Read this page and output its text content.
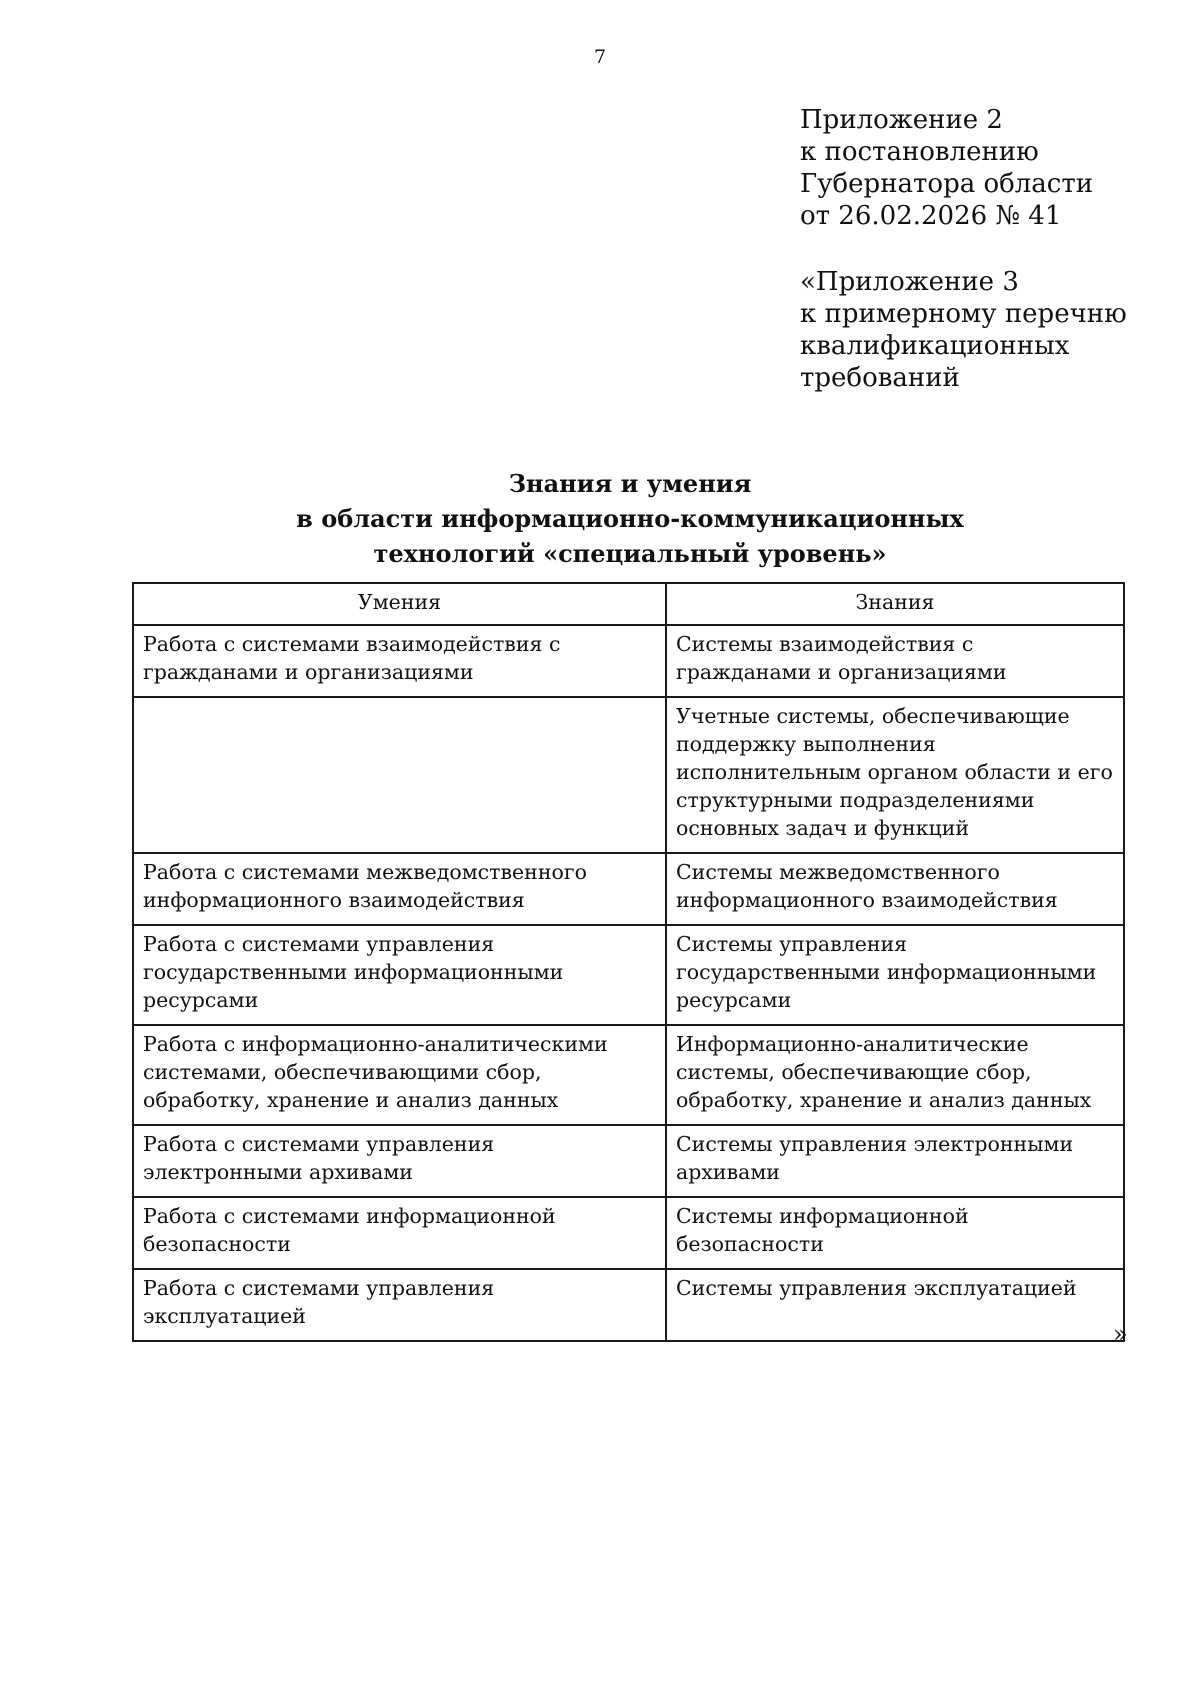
7
Приложение 2
к постановлению
Губернатора области
от 26.02.2026 № 41
«Приложение 3
к примерному перечню
квалификационных
требований
Знания и умения
в области информационно-коммуникационных
технологий «специальный уровень»
Умения	Знания
Работа с системами взаимодействия с гражданами и организациями	Системы взаимодействия с гражданами и организациями
	Учетные системы, обеспечивающие поддержку выполнения исполнительным органом области и его структурными подразделениями основных задач и функций
Работа с системами межведомственного информационного взаимодействия	Системы межведомственного информационного взаимодействия
Работа с системами управления государственными информационными ресурсами	Системы управления государственными информационными ресурсами
Работа с информационно-аналитическими системами, обеспечивающими сбор, обработку, хранение и анализ данных	Информационно-аналитические системы, обеспечивающие сбор, обработку, хранение и анализ данных
Работа с системами управления электронными архивами	Системы управления электронными архивами
Работа с системами информационной безопасности	Системы информационной безопасности
Работа с системами управления эксплуатацией	Системы управления эксплуатацией
»
